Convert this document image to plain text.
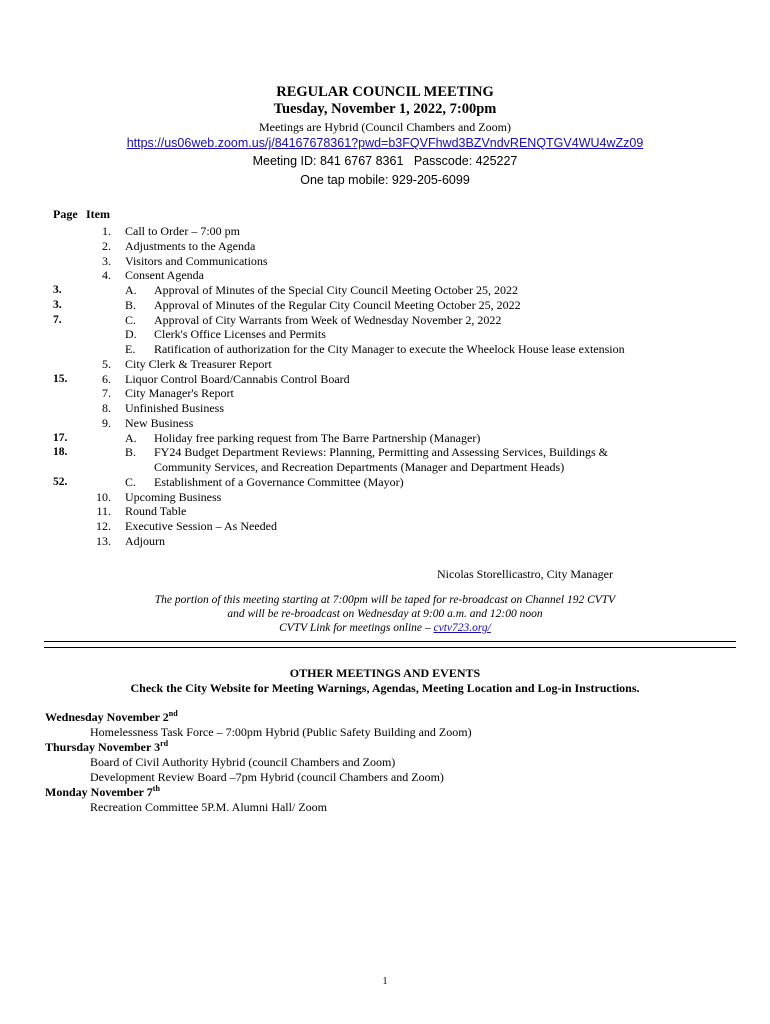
REGULAR COUNCIL MEETING
Tuesday, November 1, 2022, 7:00pm
Meetings are Hybrid (Council Chambers and Zoom)
https://us06web.zoom.us/j/84167678361?pwd=b3FQVFhwd3BZVndvRENQTGV4WU4wZz09
Meeting ID: 841 6767 8361   Passcode: 425227
One tap mobile: 929-205-6099
Page Item
1. Call to Order – 7:00 pm
2. Adjustments to the Agenda
3. Visitors and Communications
4. Consent Agenda
3.	A. Approval of Minutes of the Special City Council Meeting October 25, 2022
3.	B. Approval of Minutes of the Regular City Council Meeting October 25, 2022
7.	C. Approval of City Warrants from Week of Wednesday November 2, 2022
D. Clerk's Office Licenses and Permits
E. Ratification of authorization for the City Manager to execute the Wheelock House lease extension
5. City Clerk & Treasurer Report
15.	6. Liquor Control Board/Cannabis Control Board
7. City Manager's Report
8. Unfinished Business
9. New Business
17.	A. Holiday free parking request from The Barre Partnership (Manager)
18.	B. FY24 Budget Department Reviews: Planning, Permitting and Assessing Services, Buildings &
Community Services, and Recreation Departments (Manager and Department Heads)
52.	C. Establishment of a Governance Committee (Mayor)
10. Upcoming Business
11. Round Table
12. Executive Session – As Needed
13. Adjourn
Nicolas Storellicastro, City Manager
The portion of this meeting starting at 7:00pm will be taped for re-broadcast on Channel 192 CVTV
and will be re-broadcast on Wednesday at 9:00 a.m. and 12:00 noon
CVTV Link for meetings online – cvtv723.org/
OTHER MEETINGS AND EVENTS
Check the City Website for Meeting Warnings, Agendas, Meeting Location and Log-in Instructions.
Wednesday November 2nd
Homelessness Task Force – 7:00pm Hybrid (Public Safety Building and Zoom)
Thursday November 3rd
Board of Civil Authority Hybrid (council Chambers and Zoom)
Development Review Board –7pm Hybrid (council Chambers and Zoom)
Monday November 7th
Recreation Committee 5P.M. Alumni Hall/ Zoom
1
